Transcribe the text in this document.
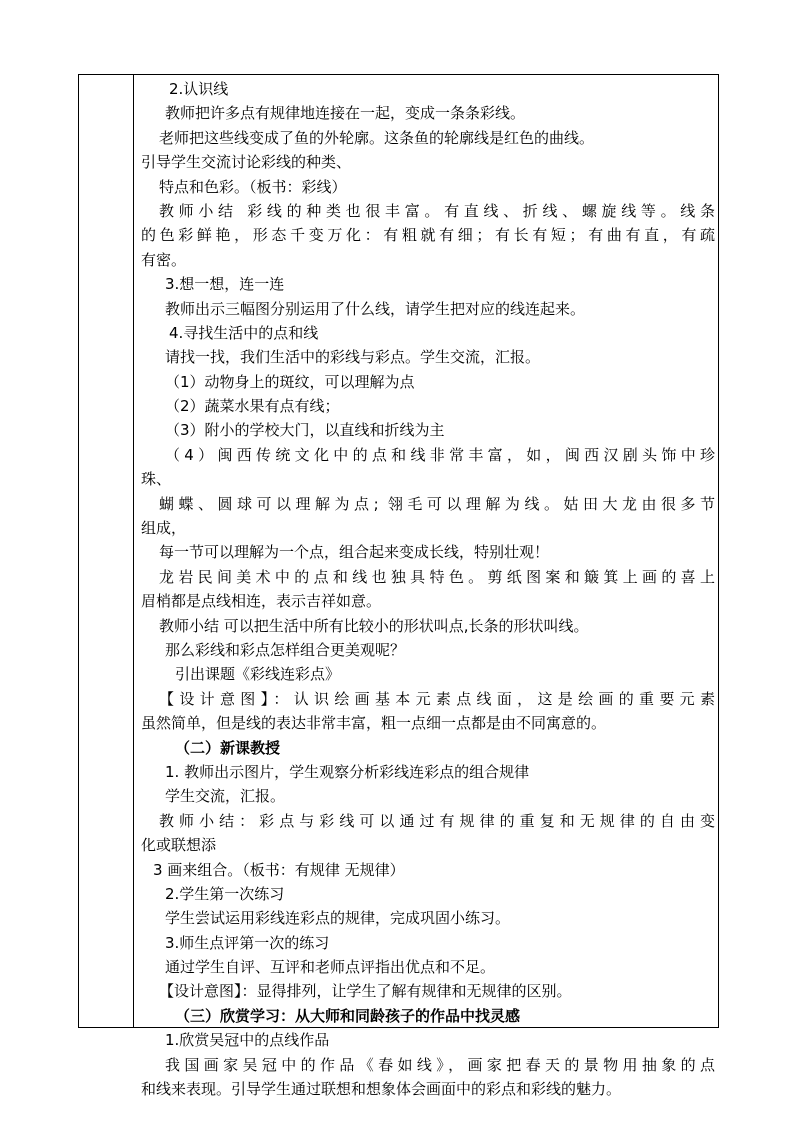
2.认识线
教师把许多点有规律地连接在一起，变成一条条彩线。
老师把这些线变成了鱼的外轮廓。这条鱼的轮廓线是红色的曲线。
引导学生交流讨论彩线的种类、
特点和色彩。（板书：彩线）
教师小结 彩线的种类也很丰富。有直线、折线、螺旋线等。线条
的色彩鲜艳，形态千变万化：有粗就有细；有长有短；有曲有直，有疏
有密。
3.想一想，连一连
教师出示三幅图分别运用了什么线，请学生把对应的线连起来。
4.寻找生活中的点和线
请找一找，我们生活中的彩线与彩点。学生交流，汇报。
（1）动物身上的斑纹，可以理解为点
（2）蔬菜水果有点有线；
（3）附小的学校大门，以直线和折线为主
（4）闽西传统文化中的点和线非常丰富，如，闽西汉剧头饰中珍
珠、
蝴蝶、圆球可以理解为点; 翎毛可以理解为线。姑田大龙由很多节
组成，
每一节可以理解为一个点，组合起来变成长线，特别壮观！
龙岩民间美术中的点和线也独具特色。剪纸图案和簸箕上画的喜上
眉梢都是点线相连，表示吉祥如意。
教师小结 可以把生活中所有比较小的形状叫点,长条的形状叫线。
那么彩线和彩点怎样组合更美观呢？
引出课题《彩线连彩点》
【设计意图】：认识绘画基本元素点线面，这是绘画的重要元素
虽然简单，但是线的表达非常丰富，粗一点细一点都是由不同寓意的。
（二）新课教授
1. 教师出示图片，学生观察分析彩线连彩点的组合规律
学生交流，汇报。
教师小结：彩点与彩线可以通过有规律的重复和无规律的自由变
化或联想添
3 画来组合。（板书：有规律 无规律）
2.学生第一次练习
学生尝试运用彩线连彩点的规律，完成巩固小练习。
3.师生点评第一次的练习
通过学生自评、互评和老师点评指出优点和不足。
【设计意图】：显得排列，让学生了解有规律和无规律的区别。
（三）欣赏学习：从大师和同龄孩子的作品中找灵感
1.欣赏吴冠中的点线作品
我国画家吴冠中的作品《春如线》，画家把春天的景物用抽象的点
和线来表现。引导学生通过联想和想象体会画面中的彩点和彩线的魅力。
